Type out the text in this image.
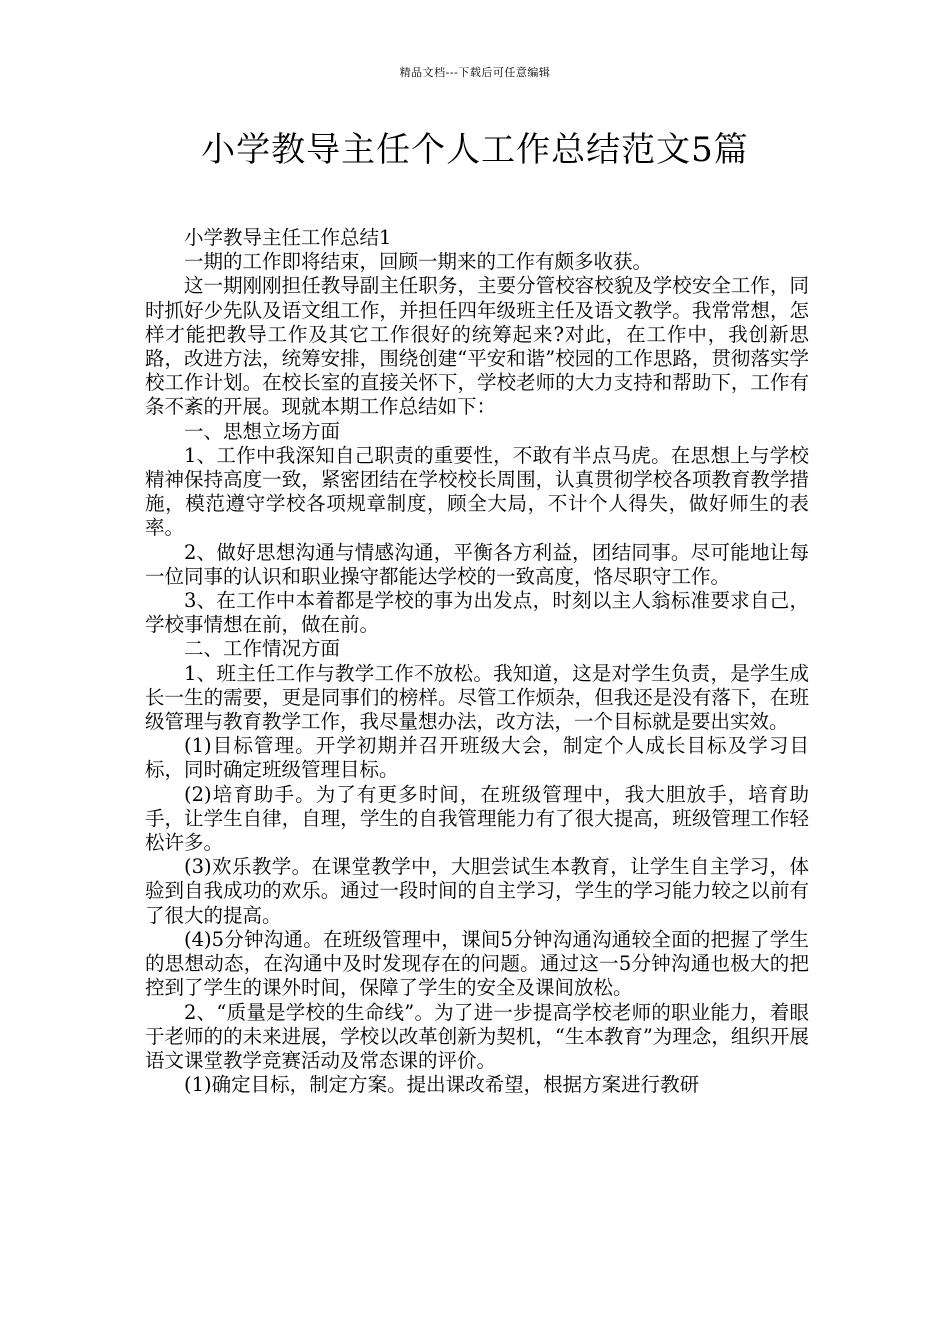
精品文档---下载后可任意编辑
小学教导主任个人工作总结范文5篇

小学教导主任工作总结1

一期的工作即将结束，回顾一期来的工作有颇多收获。

这一期刚刚担任教导副主任职务，主要分管校容校貌及学校安全工作，同时抓好少先队及语文组工作，并担任四年级班主任及语文教学。我常常想，怎样才能把教导工作及其它工作很好的统筹起来?对此，在工作中，我创新思路，改进方法，统筹安排，围绕创建“平安和谐”校园的工作思路，贯彻落实学校工作计划。在校长室的直接关怀下，学校老师的大力支持和帮助下，工作有条不紊的开展。现就本期工作总结如下：

一、思想立场方面

1、工作中我深知自己职责的重要性，不敢有半点马虎。在思想上与学校精神保持高度一致，紧密团结在学校校长周围，认真贯彻学校各项教育教学措施，模范遵守学校各项规章制度，顾全大局，不计个人得失，做好师生的表率。

2、做好思想沟通与情感沟通，平衡各方利益，团结同事。尽可能地让每一位同事的认识和职业操守都能达学校的一致高度，恪尽职守工作。

3、在工作中本着都是学校的事为出发点，时刻以主人翁标准要求自己，学校事情想在前，做在前。

二、工作情况方面

1、班主任工作与教学工作不放松。我知道，这是对学生负责，是学生成长一生的需要，更是同事们的榜样。尽管工作烦杂，但我还是没有落下，在班级管理与教育教学工作，我尽量想办法，改方法，一个目标就是要出实效。

(1)目标管理。开学初期并召开班级大会，制定个人成长目标及学习目标，同时确定班级管理目标。

(2)培育助手。为了有更多时间，在班级管理中，我大胆放手，培育助手，让学生自律，自理，学生的自我管理能力有了很大提高，班级管理工作轻松许多。

(3)欢乐教学。在课堂教学中，大胆尝试生本教育，让学生自主学习，体验到自我成功的欢乐。通过一段时间的自主学习，学生的学习能力较之以前有了很大的提高。

(4)5分钟沟通。在班级管理中，课间5分钟沟通沟通较全面的把握了学生的思想动态，在沟通中及时发现存在的问题。通过这一5分钟沟通也极大的把控到了学生的课外时间，保障了学生的安全及课间放松。

2、“质量是学校的生命线”。为了进一步提高学校老师的职业能力，着眼于老师的的未来进展，学校以改革创新为契机，“生本教育”为理念，组织开展语文课堂教学竞赛活动及常态课的评价。

(1)确定目标，制定方案。提出课改希望，根据方案进行教研
